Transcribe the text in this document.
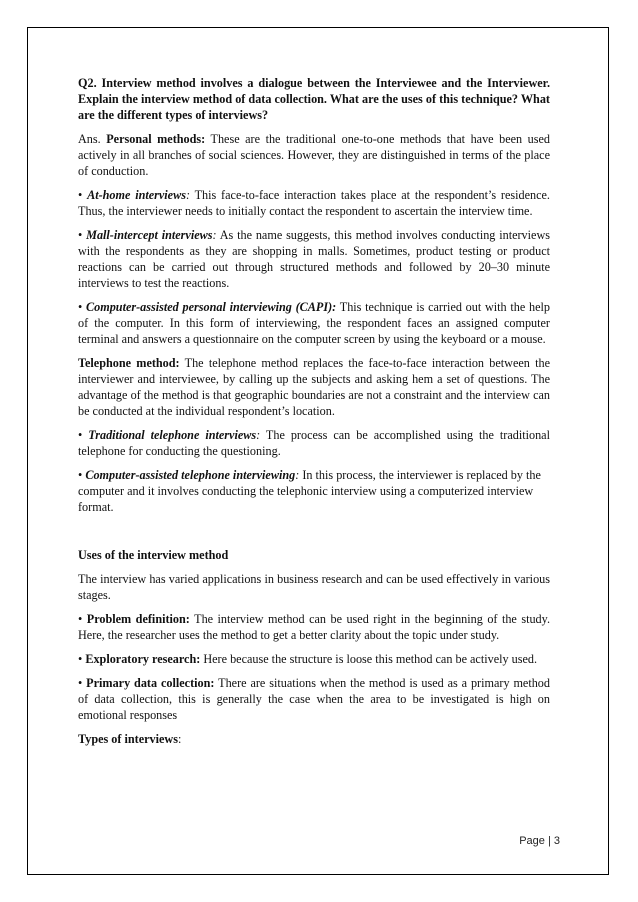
Q2. Interview method involves a dialogue between the Interviewee and the Interviewer. Explain the interview method of data collection. What are the uses of this technique? What are the different types of interviews?

Ans. Personal methods: These are the traditional one-to-one methods that have been used actively in all branches of social sciences. However, they are distinguished in terms of the place of conduction.

• At-home interviews: This face-to-face interaction takes place at the respondent’s residence. Thus, the interviewer needs to initially contact the respondent to ascertain the interview time.

• Mall-intercept interviews: As the name suggests, this method involves conducting interviews with the respondents as they are shopping in malls. Sometimes, product testing or product reactions can be carried out through structured methods and followed by 20–30 minute interviews to test the reactions.

• Computer-assisted personal interviewing (CAPI): This technique is carried out with the help of the computer. In this form of interviewing, the respondent faces an assigned computer terminal and answers a questionnaire on the computer screen by using the keyboard or a mouse.

Telephone method: The telephone method replaces the face-to-face interaction between the interviewer and interviewee, by calling up the subjects and asking hem a set of questions. The advantage of the method is that geographic boundaries are not a constraint and the interview can be conducted at the individual respondent’s location.

• Traditional telephone interviews: The process can be accomplished using the traditional telephone for conducting the questioning.

• Computer-assisted telephone interviewing: In this process, the interviewer is replaced by the computer and it involves conducting the telephonic interview using a computerized interview format.

Uses of the interview method

The interview has varied applications in business research and can be used effectively in various stages.

• Problem definition: The interview method can be used right in the beginning of the study. Here, the researcher uses the method to get a better clarity about the topic under study.

• Exploratory research: Here because the structure is loose this method can be actively used.

• Primary data collection: There are situations when the method is used as a primary method of data collection, this is generally the case when the area to be investigated is high on emotional responses

Types of interviews:

Page | 3
